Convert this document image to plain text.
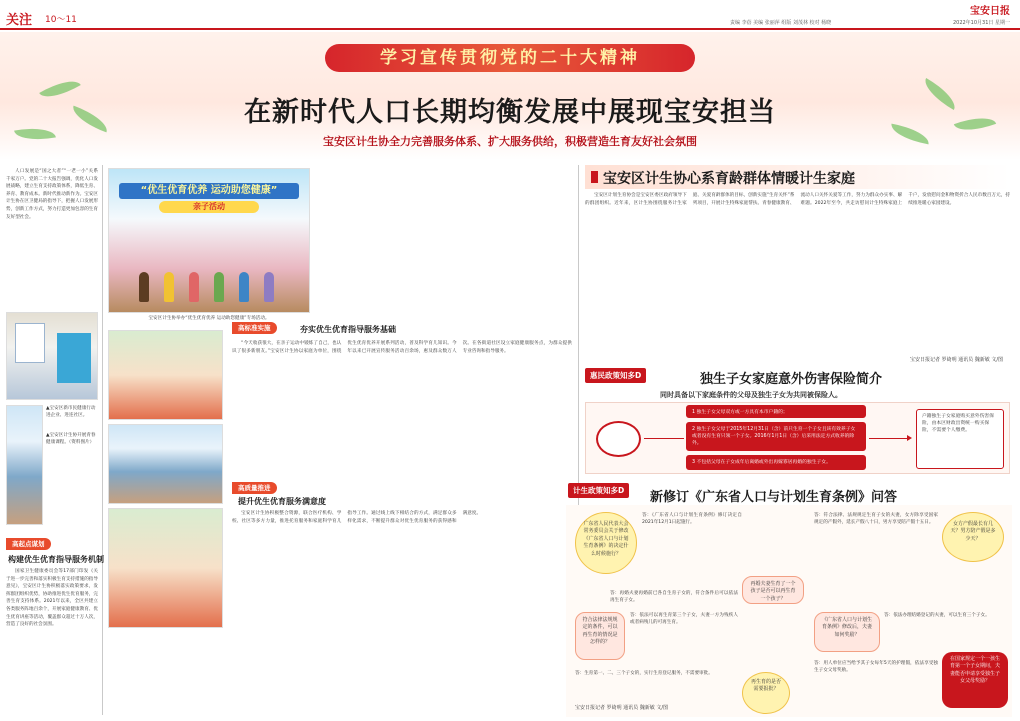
关注 10～11	责编 李蓓 美编 张丽萍 组版 刘茂林 校对 杨晓	2022年10月31日 星期一
宝安日报
学习宣传贯彻党的二十大精神
在新时代人口长期均衡发展中展现宝安担当
宝安区计生协全力完善服务体系、扩大服务供给，积极营造生育友好社会氛围

人口发展是“国之大者”“一老一小”关系千家万户。党的二十大报告强调，优化人口发展战略，建立生育支持政策体系，降低生育、养育、教育成本。新时代推动新作为。宝安区计生协在区卫健局的指导下，把握人口发展形势，创新工作方式，努力打造更加包容的生育友好型社会。

▲宝安区新市民健康行动进企业、进连社区。
▲宝安区计生协开展青春健康课程。（资料图片）
高起点谋划
构建优生优育指导服务机制

国家卫生健康委员会等17部门印发《关于进一步完善和落实积极生育支持措施的指导意见》，宝安区计生协积极落实政策要求，发挥群团组织优势，协助推进优生优育服务，完善生育支持体系。2021年以来，全区共建立各类服务阵地百余个，开展家庭健康教育、优生优育讲座等活动，覆盖群众超过十万人次，营造了良好的社会氛围。

“优生优育优养 运动助您健康”
亲子活动
宝安区计生协举办“优生优育优养 运动助您健康”专场活动。
高标准实施	夯实优生优育指导服务基础

“今天收获很大，在亲子运动中锻炼了自己，也认识了很多新朋友。”宝安区计生协以家庭为单位，围绕优生优育优养开展系列活动，普及科学育儿知识。今年以来已开展宣传服务活动百余场，惠及群众数万人次。在各街道社区设立家庭健康服务点，为群众提供专业咨询和指导服务。

高质量推进
提升优生优育服务满意度

宝安区计生协积极整合资源，联合医疗机构、学校、社区等多方力量，推进托育服务和家庭科学育儿指导工作。通过线上线下相结合的方式，满足群众多样化需求，不断提升群众对优生优育服务的获得感和满意度。

宝安区计生协心系育龄群体情暖计生家庭

宝安区计划生育协会是宝安区委区政府领导下的群团组织。近年来，区计生协围绕服务计生家庭、关爱育龄群体的目标，创新实施“生育关怀”系列项目，开展计生特殊家庭帮扶、青春健康教育、流动人口关怀关爱等工作，努力为群众办实事、解难题。2022年至今，共走访慰问计生特殊家庭上千户，发放慰问金和物资折合人民币数百万元，持续推进暖心家园建设。

宝安日报记者 罗绮明 通讯员 魏新敏 文/图
惠民政策知多D	独生子女家庭意外伤害保险简介
同时具备以下家庭条件的父母及独生子女为共同被保险人。
1 独生子女父母双方或一方具有本市户籍的；
2 独生子女父母于2015年12月31日（含）前只生育一个子女且该有效养子女或者没有生育只领一个子女。2016年1月1日（含）后采用法定方式收养的除外。
3 不包括父母在子女成年后离婚或外出再嫁寡居再婚的独生子女。
户籍独生子女家庭购买意外伤害保险，由本区财政出资统一购买保险，不需要个人缴费。
计生政策知多D	新修订《广东省人口与计划生育条例》问答
广东省人民代表大会常务委员会关于修改《广东省人口与计划生育条例》的决定什么时候施行？
答：《广东省人口与计划生育条例》修订决定自2021年12月1日起施行。
再婚夫妻生育了一个孩子是否可以再生育一个孩子？
答：再婚夫妻再婚前已各自生育子女的，符合条件后可以依法再生育子女。
女方产假最长有几天？男方陪产假是多少天？
答：符合法律、法规规定生育子女的夫妻，女方除享受国家规定的产假外，延长产假八十日，男方享受陪产假十五日。
符合法律法规规定的条件，可以再生育的情况是怎样的？
答：依法可以再生育第三个子女，夫妻一方为残疾人或者病残儿的可再生育。	《广东省人口与计划生育条例》修改后，夫妻如何奖励？
答：依法办理结婚登记的夫妻，可以生育三个子女。
再生育的是否需要报批？
答：生育第一、二、三个子女的，实行生育登记服务，不需要审批。
在国家规定一个一孩生育第一个子女期间，夫妻能否申请享受独生子女父母奖励？
答：用人单位应当给予其子女每年5天的护理假，依法享受独生子女父母奖励。
宝安日报记者 罗绮明 通讯员 魏新敏 文/图
